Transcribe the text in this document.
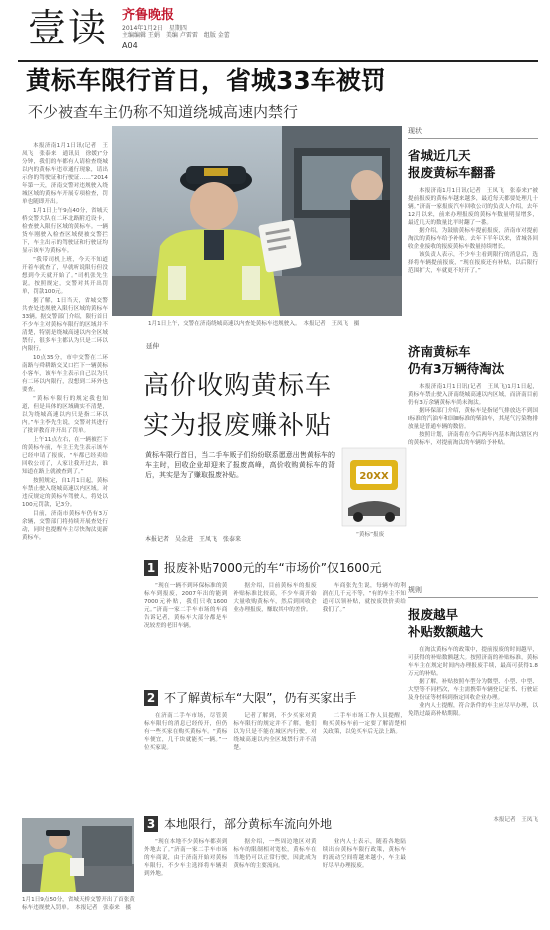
壹读 齐鲁晚报
2014年1月2日　星期四
主编编辑 王娟　美编 卢雷雷　组版 金蕾
A04
黄标车限行首日，省城33车被罚
不少被查车主仍称不知道绕城高速内禁行

本报济南1月1日讯(记者　王凤飞　张泰来　通讯员　徐媛)“分分钟，我们的车都有人请检查绕城以内的黄标车违章通行现象，请出示你的驾驶证和行驶证……”2014年第一天，济南交警对违规驶入绕城区域的黄标车开展专项检查，罚单也随即开出。

1月1日上午9点40分，省城天桥交警大队在二环北路附近设卡，检查驶入限行区域的黄标车。一辆货车刚驶入检查区域便被交警拦下，车主出示的驾驶证和行驶证均显示该车为黄标车。

“我带司机上班，今天不知道开着车就查了，早就听说限行但没想到今天就开始了。”司机张先生说。按照规定，交警对其开出罚单，罚款100元。

据了解，1日当天，省城交警共查处违规驶入限行区域的黄标车33辆。据交警部门介绍，限行首日不少车主对黄标车限行的区域并不清楚，特别是绕城高速以内全区域禁行，很多车主都认为只是二环以内限行。

10点35分，市中交警在二环南路与舜耕路交叉口拦下一辆黄标小客车，该车车主表示自己以为只有二环以内限行，没想到二环外也要查。

“黄标车限行的规定我也知道，但是具体的区域确实不清楚，以为绕城高速以内只是指二环以内。”车主李先生说，交警对其进行了批评教育并开出了罚单。

上午11点左右，在一辆被拦下的黄标车前，车主王先生表示该车已经申请了报废，“车都已经卖给回收公司了，人家让我开过去，谁知道在路上就被查到了。”

按照规定，自1月1日起，黄标车禁止驶入绕城高速以内区域。对违反规定的黄标车驾驶人，将处以100元罚款，记3分。

目前，济南市黄标车仍有3万余辆，交警部门将持续开展查处行动，同时也提醒车主尽快淘汰更新黄标车。

1月1日上午，交警在济南绕城高速以内查处黄标车违规驶入。　本报记者　王凤飞　摄
延伸
高价收购黄标车
实为报废赚补贴
黄标车限行首日，当二手车贩子们纷纷联系愿意出售黄标车的车主时，回收企业却迎来了报废高峰，高价收购黄标车的背后，其实是为了赚取报废补贴。	20XX
“黄标”报废
本报记者　吴金进　王凤飞　张泰来
1 报废补贴7000元的车“市场价”仅1600元

“现在一辆不到环保标准的黄标车到报废，2007年出的能到7000元补贴，我们只收1600元。”济南一家二手车市场的车商告诉记者，黄标车大部分都是车况较差的老旧车辆。

据介绍，目前黄标车的报废补贴标准比较高，不少车商开始大量收购黄标车，然后到回收企业办理报废，赚取其中的差价。

车商张先生说，每辆车的利润在几千元不等，“有的车主不知道可以领补贴，就按废铁价卖给我们了。”

2 不了解黄标车“大限”，仍有买家出手

在济南二手车市场，尽管黄标车限行的消息已经传开，但仍有一些买家在购买黄标车。“黄标车便宜，几千块就能买一辆。”一位买家说。

记者了解到，不少买家对黄标车限行的规定并不了解，他们以为只是不能在城区内行驶，对绕城高速以内全区域禁行并不清楚。

二手车市场工作人员提醒，购买黄标车前一定要了解清楚相关政策，以免买车后无法上路。

3 本地限行，部分黄标车流向外地

“现在本地不少黄标车都卖到外地去了。”济南一家二手车市场的车商说，由于济南开始对黄标车限行，不少车主选择将车辆卖到外地。

据介绍，一些周边地区对黄标车的限制相对宽松，黄标车在当地仍可以正常行驶，因此成为黄标车的主要流向。

业内人士表示，随着各地陆续出台黄标车限行政策，黄标车的流动空间将越来越小，车主最好尽早办理报废。

1月1日9点50分，省城天桥交警开出了首张黄标车违规驶入罚单。　本报记者　张泰来　摄
现状
省城近几天
报废黄标车翻番

本报济南1月1日讯(记者　王凤飞　张泰来)“被提前报废的黄标车越来越多，最近每天都要处理几十辆。”济南一家报废汽车回收公司的负责人介绍，去年12月以来，前来办理报废的黄标车数量明显增多，最近几天的数量比平时翻了一番。

据介绍，为鼓励黄标车提前报废，济南市对提前淘汰的黄标车给予补贴。去年下半年以来，省城各回收企业接收的报废黄标车数量持续增长。

该负责人表示，不少车主看到限行的消息后，选择将车辆提前报废，“现在报废还有补贴，以后限行范围扩大，车就更不好开了。”

济南黄标车
仍有3万辆待淘汰

本报济南1月1日讯(记者　王凤飞)1月1日起，黄标车禁止驶入济南绕城高速以内区域，而济南目前仍有3万余辆黄标车尚未淘汰。

据环保部门介绍，黄标车是指尾气排放达不到国Ⅰ标准的汽油车和国Ⅲ标准的柴油车，其尾气污染物排放量是普通车辆的数倍。

按照计划，济南将在今后两年内基本淘汰辖区内的黄标车，对提前淘汰的车辆给予补贴。

规则
报废越早
补贴数额越大

在淘汰黄标车的政策中，提前报废的时间越早，可获得的补贴数额越大。按照济南的补贴标准，黄标车车主在规定时间内办理报废手续，最高可获得1.8万元的补贴。

据了解，补贴按照车型分为微型、小型、中型、大型等不同档次，车主需携带车辆登记证书、行驶证及身份证等材料到指定回收企业办理。

业内人士提醒，符合条件的车主应尽早办理，以免错过最高补贴期限。

本报记者　王凤飞
